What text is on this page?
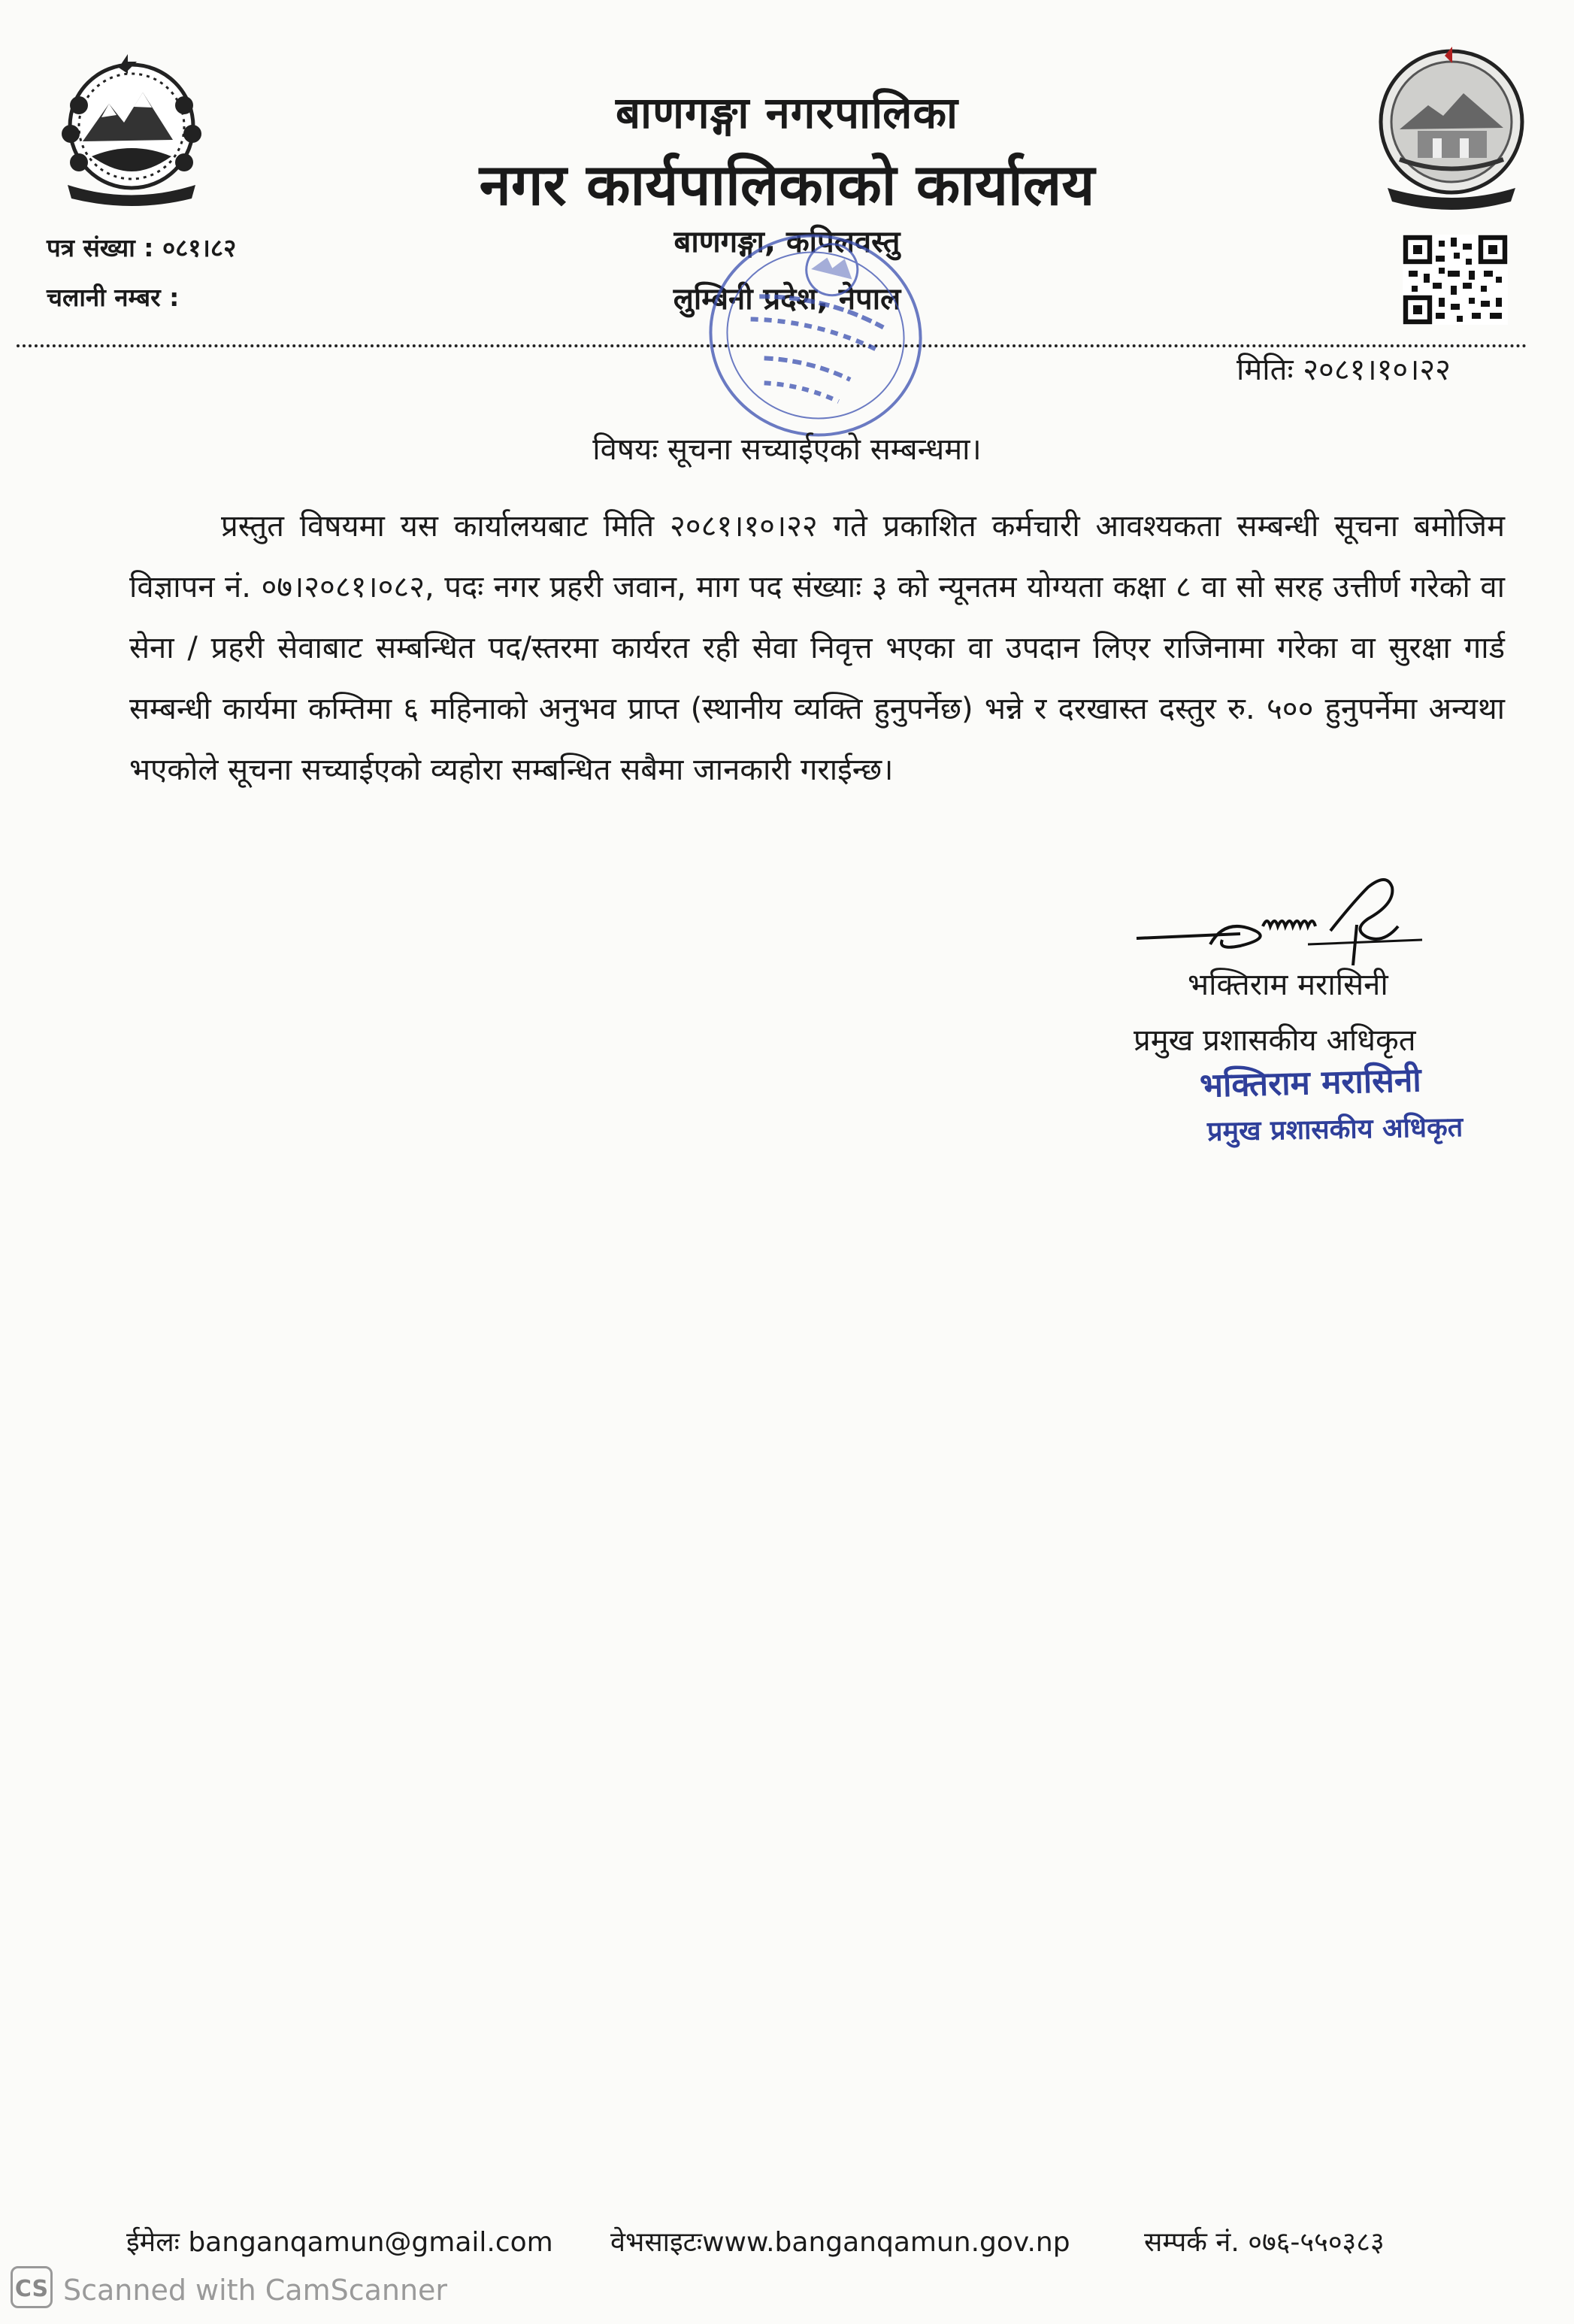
बाणगङ्गा नगरपालिका
नगर कार्यपालिकाको कार्यालय
बाणगङ्गा, कपिलवस्तु
लुम्बिनी प्रदेश, नेपाल
पत्र संख्या : ०८१।८२
चलानी नम्बर :
मितिः २०८१।१०।२२
विषयः सूचना सच्याईएको सम्बन्धमा।
प्रस्तुत विषयमा यस कार्यालयबाट मिति २०८१।१०।२२ गते प्रकाशित कर्मचारी आवश्यकता सम्बन्धी सूचना बमोजिम विज्ञापन नं. ०७।२०८१।०८२, पदः नगर प्रहरी जवान, माग पद संख्याः ३ को न्यूनतम योग्यता कक्षा ८ वा सो सरह उत्तीर्ण गरेको वा सेना / प्रहरी सेवाबाट सम्बन्धित पद/स्तरमा कार्यरत रही सेवा निवृत्त भएका वा उपदान लिएर राजिनामा गरेका वा सुरक्षा गार्ड सम्बन्धी कार्यमा कम्तिमा ६ महिनाको अनुभव प्राप्त (स्थानीय व्यक्ति हुनुपर्नेछ) भन्ने र दरखास्त दस्तुर रु. ५०० हुनुपर्नेमा अन्यथा भएकोले सूचना सच्याईएको व्यहोरा सम्बन्धित सबैमा जानकारी गराईन्छ।
भक्तिराम मरासिनी
प्रमुख प्रशासकीय अधिकृत
भक्तिराम मरासिनी
प्रमुख प्रशासकीय अधिकृत
ईमेलः banganqamun@gmail.com वेभसाइटःwww.banganqamun.gov.np	सम्पर्क नं. ०७६-५५०३८३
CS Scanned with CamScanner
